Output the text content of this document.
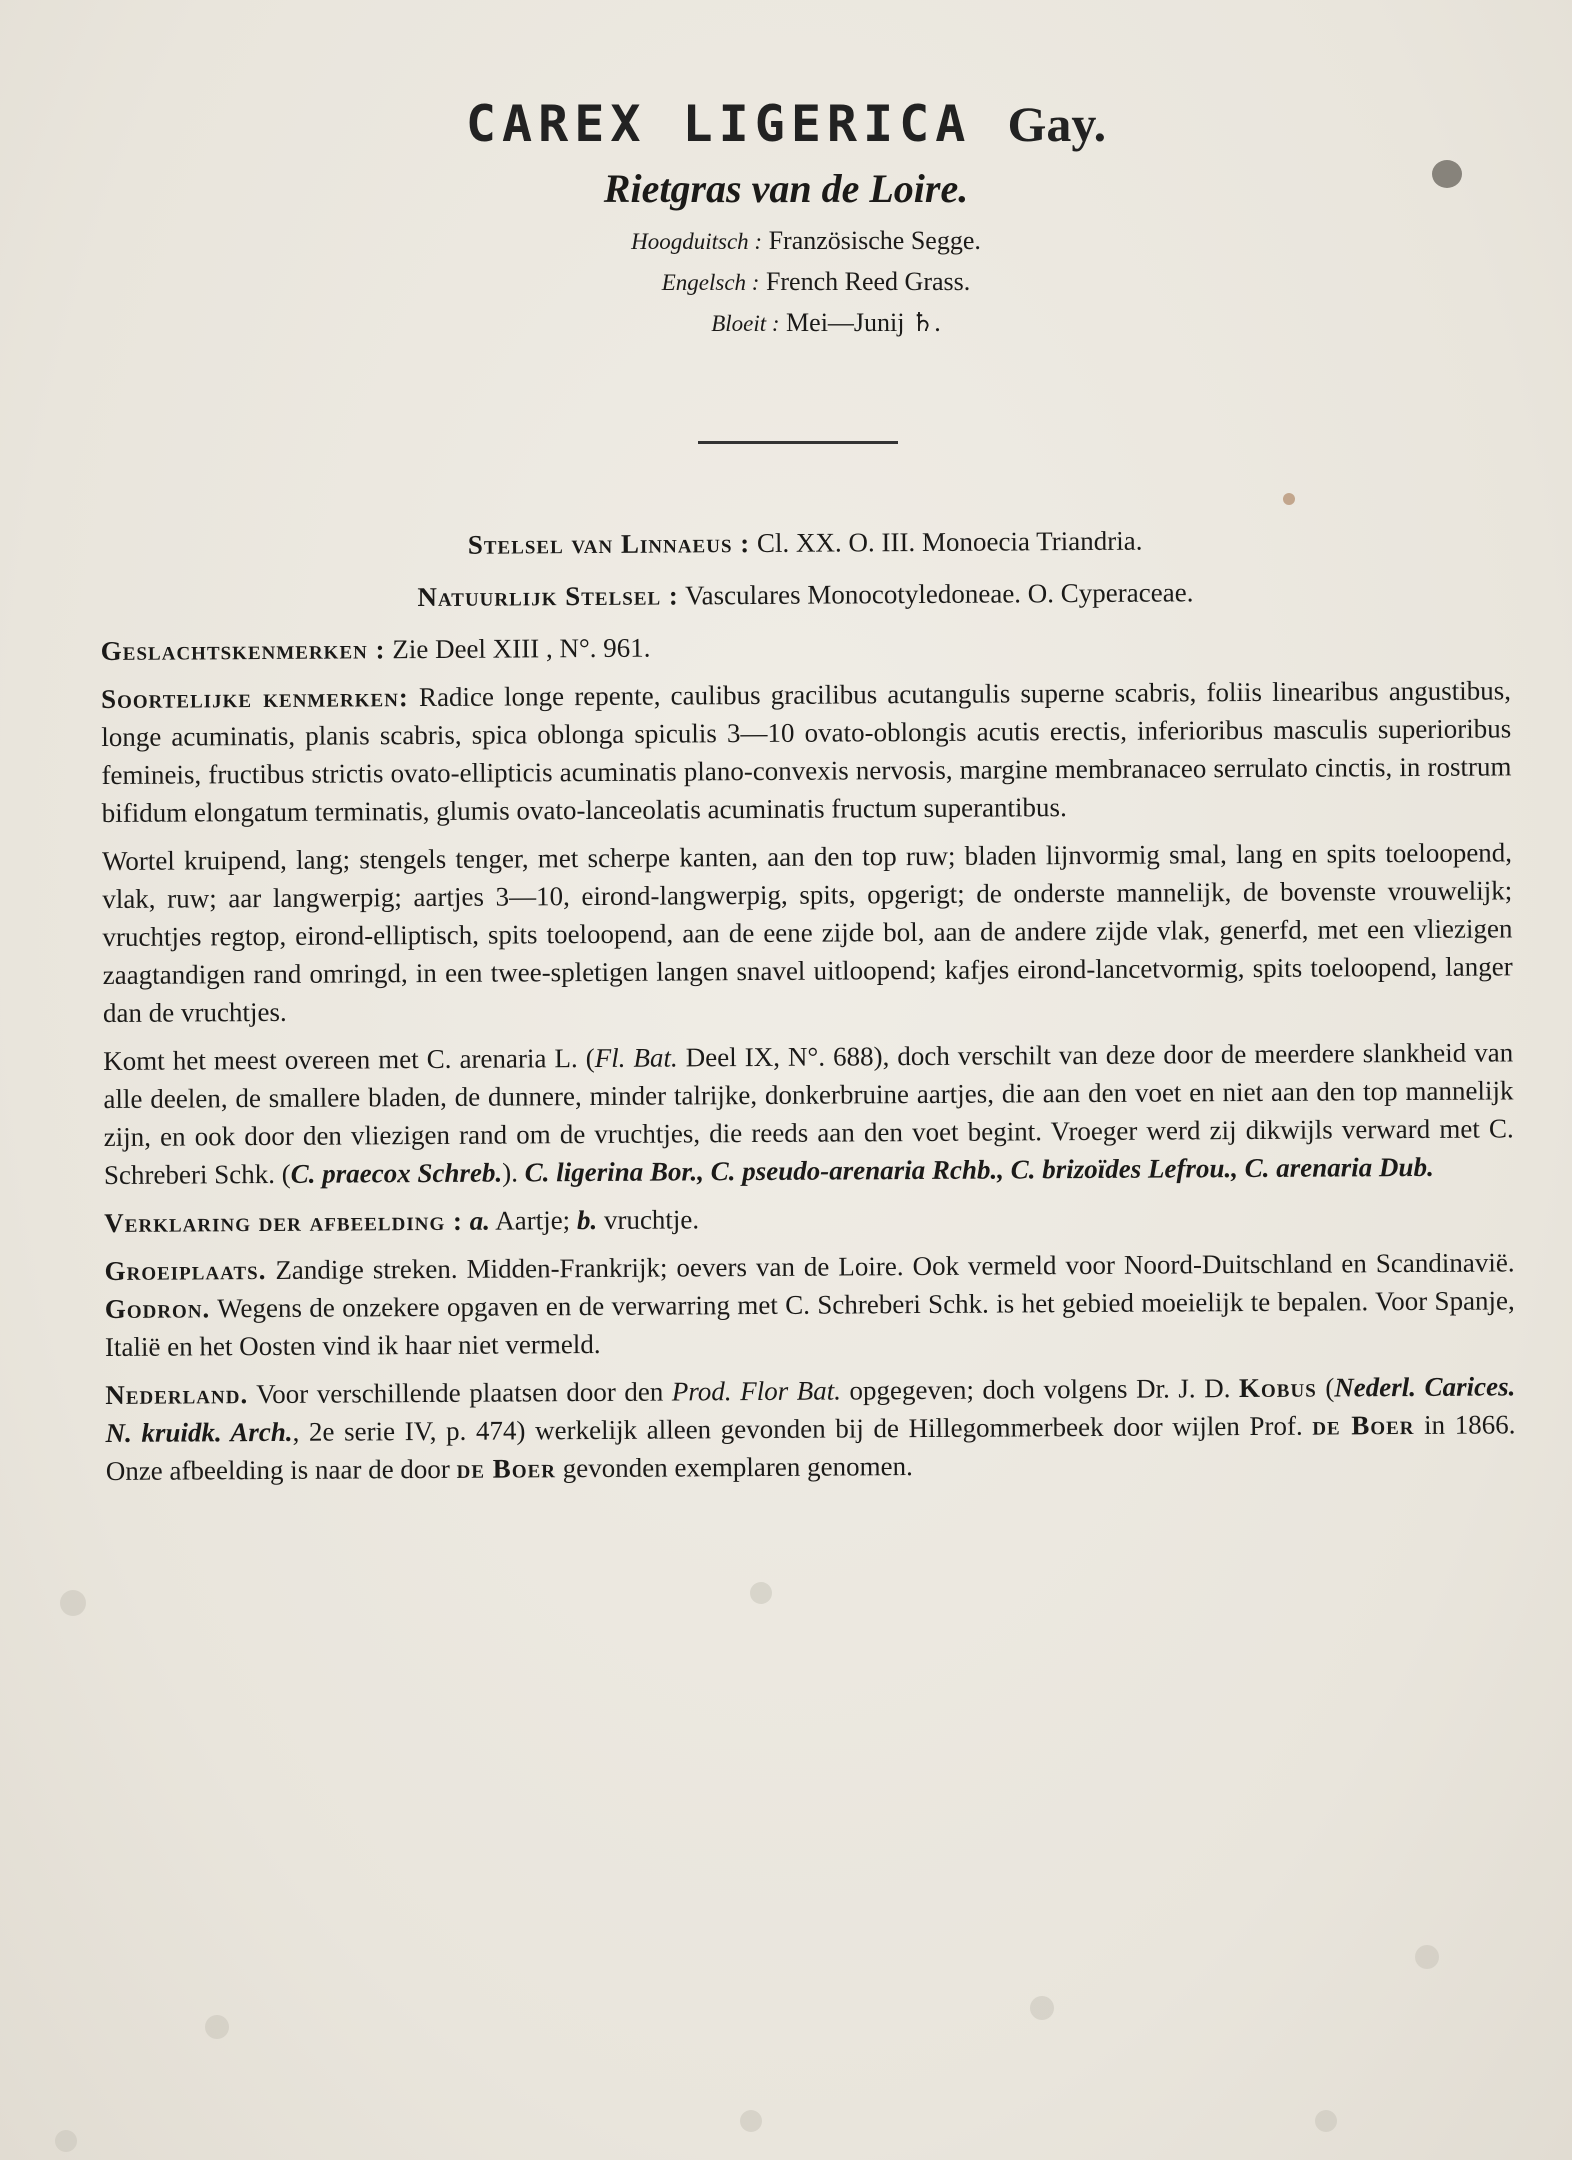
CAREX LIGERICA Gay.

Rietgras van de Loire.

Hoogduitsch : Französische Segge.
Engelsch : French Reed Grass.
Bloeit : Mei—Junij ♄.

Stelsel van Linnaeus : Cl. XX. O. III. Monoecia Triandria.

Natuurlijk Stelsel : Vasculares Monocotyledoneae. O. Cyperaceae.

Geslachtskenmerken : Zie Deel XIII , N°. 961.

Soortelijke kenmerken: Radice longe repente, caulibus gracilibus acutangulis superne scabris, foliis linearibus angustibus, longe acuminatis, planis scabris, spica oblonga spiculis 3—10 ovato-oblongis acutis erectis, inferioribus masculis superioribus femineis, fructibus strictis ovato-ellipticis acuminatis plano-convexis nervosis, margine membranaceo serrulato cinctis, in rostrum bifidum elongatum terminatis, glumis ovato-lanceolatis acuminatis fructum superantibus.

Wortel kruipend, lang; stengels tenger, met scherpe kanten, aan den top ruw; bladen lijnvormig smal, lang en spits toeloopend, vlak, ruw; aar langwerpig; aartjes 3—10, eirond-langwerpig, spits, opgerigt; de onderste mannelijk, de bovenste vrouwelijk; vruchtjes regtop, eirond-elliptisch, spits toeloopend, aan de eene zijde bol, aan de andere zijde vlak, generfd, met een vliezigen zaagtandigen rand omringd, in een twee-spletigen langen snavel uitloopend; kafjes eirond-lancetvormig, spits toeloopend, langer dan de vruchtjes.

Komt het meest overeen met C. arenaria L. (Fl. Bat. Deel IX, N°. 688), doch verschilt van deze door de meerdere slankheid van alle deelen, de smallere bladen, de dunnere, minder talrijke, donkerbruine aartjes, die aan den voet en niet aan den top mannelijk zijn, en ook door den vliezigen rand om de vruchtjes, die reeds aan den voet begint. Vroeger werd zij dikwijls verward met C. Schreberi Schk. (C. praecox Schreb.). C. ligerina Bor., C. pseudo-arenaria Rchb., C. brizoïdes Lefrou., C. arenaria Dub.

Verklaring der afbeelding : a. Aartje; b. vruchtje.

Groeiplaats. Zandige streken. Midden-Frankrijk; oevers van de Loire. Ook vermeld voor Noord-Duitschland en Scandinavië. Godron. Wegens de onzekere opgaven en de verwarring met C. Schreberi Schk. is het gebied moeielijk te bepalen. Voor Spanje, Italië en het Oosten vind ik haar niet vermeld.

Nederland. Voor verschillende plaatsen door den Prod. Flor Bat. opgegeven; doch volgens Dr. J. D. Kobus (Nederl. Carices. N. kruidk. Arch., 2e serie IV, p. 474) werkelijk alleen gevonden bij de Hillegommerbeek door wijlen Prof. de Boer in 1866. Onze afbeelding is naar de door de Boer gevonden exemplaren genomen.
